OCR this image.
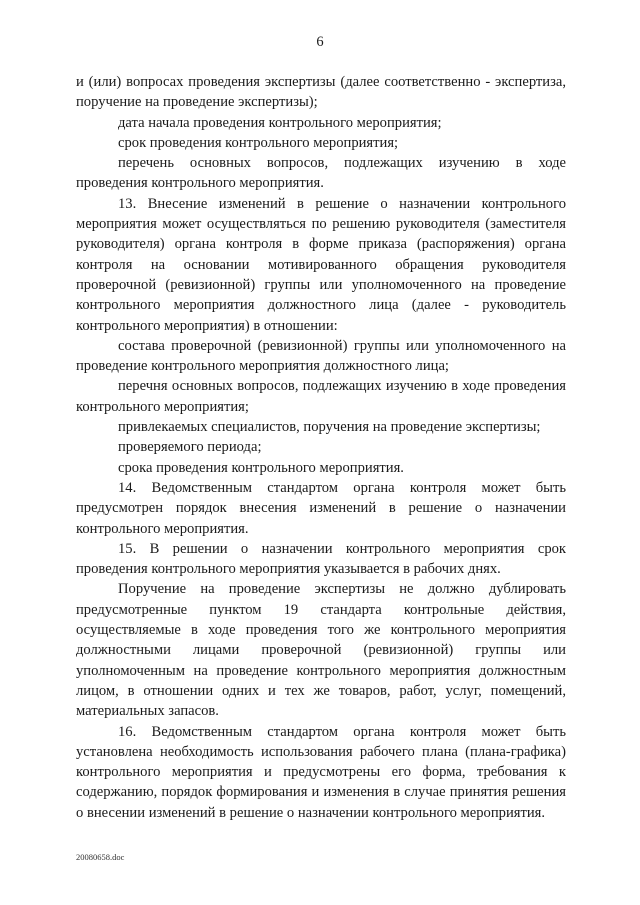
6

и (или) вопросах проведения экспертизы (далее соответственно - экспертиза, поручение на проведение экспертизы);

дата начала проведения контрольного мероприятия;

срок проведения контрольного мероприятия;

перечень основных вопросов, подлежащих изучению в ходе проведения контрольного мероприятия.

13. Внесение изменений в решение о назначении контрольного мероприятия может осуществляться по решению руководителя (заместителя руководителя) органа контроля в форме приказа (распоряжения) органа контроля на основании мотивированного обращения руководителя проверочной (ревизионной) группы или уполномоченного на проведение контрольного мероприятия должностного лица (далее - руководитель контрольного мероприятия) в отношении:

состава проверочной (ревизионной) группы или уполномоченного на проведение контрольного мероприятия должностного лица;

перечня основных вопросов, подлежащих изучению в ходе проведения контрольного мероприятия;

привлекаемых специалистов, поручения на проведение экспертизы;

проверяемого периода;

срока проведения контрольного мероприятия.

14. Ведомственным стандартом органа контроля может быть предусмотрен порядок внесения изменений в решение о назначении контрольного мероприятия.

15. В решении о назначении контрольного мероприятия срок проведения контрольного мероприятия указывается в рабочих днях.

Поручение на проведение экспертизы не должно дублировать предусмотренные пунктом 19 стандарта контрольные действия, осуществляемые в ходе проведения того же контрольного мероприятия должностными лицами проверочной (ревизионной) группы или уполномоченным на проведение контрольного мероприятия должностным лицом, в отношении одних и тех же товаров, работ, услуг, помещений, материальных запасов.

16. Ведомственным стандартом органа контроля может быть установлена необходимость использования рабочего плана (плана-графика) контрольного мероприятия и предусмотрены его форма, требования к содержанию, порядок формирования и изменения в случае принятия решения о внесении изменений в решение о назначении контрольного мероприятия.

20080658.doc
